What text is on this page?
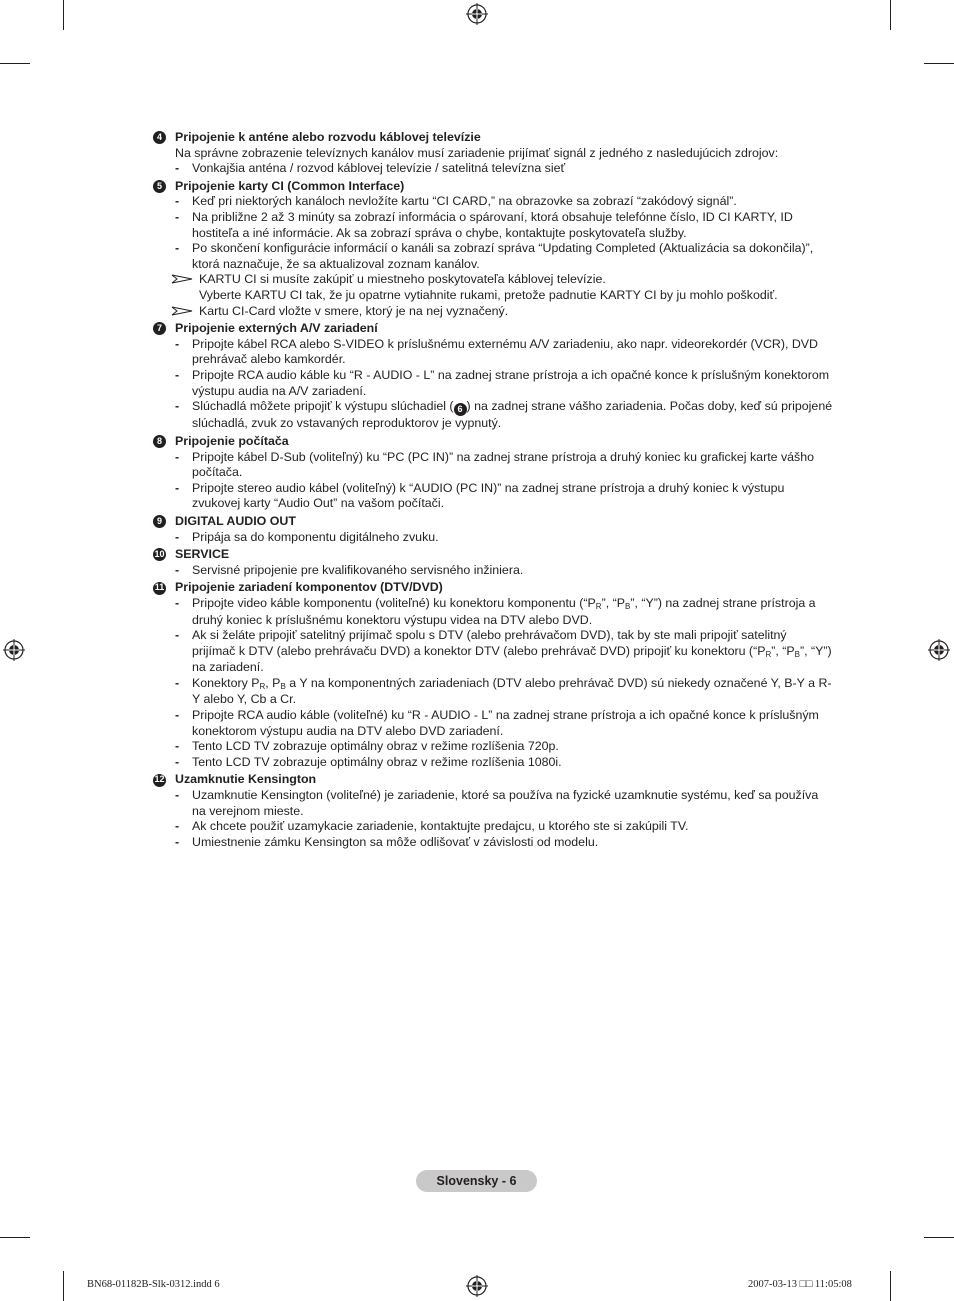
4	Pripojenie k anténe alebo rozvodu káblovej televízie
Na správne zobrazenie televíznych kanálov musí zariadenie prijímať signál z jedného z nasledujúcich zdrojov:
- Vonkajšia anténa / rozvod káblovej televízie / satelitná televízna sieť
5	Pripojenie karty CI (Common Interface)
- Keď pri niektorých kanáloch nevložíte kartu “CI CARD,” na obrazovke sa zobrazí “zakódový signál”.
- Na približne 2 až 3 minúty sa zobrazí informácia o spárovaní, ktorá obsahuje telefónne číslo, ID CI KARTY, ID hostiteľa a iné informácie. Ak sa zobrazí správa o chybe, kontaktujte poskytovateľa služby.
- Po skončení konfigurácie informácií o kanáli sa zobrazí správa “Updating Completed (Aktualizácia sa dokončila)”, ktorá naznačuje, že sa aktualizoval zoznam kanálov.
KARTU CI si musíte zakúpiť u miestneho poskytovateľa káblovej televízie.
Vyberte KARTU CI tak, že ju opatrne vytiahnite rukami, pretože padnutie KARTY CI by ju mohlo poškodiť.
Kartu CI-Card vložte v smere, ktorý je na nej vyznačený.
7	Pripojenie externých A/V zariadení
- Pripojte kábel RCA alebo S-VIDEO k príslušnému externému A/V zariadeniu, ako napr. videorekordér (VCR), DVD prehrávač alebo kamkordér.
- Pripojte RCA audio káble ku “R - AUDIO - L” na zadnej strane prístroja a ich opačné konce k príslušným konektorom výstupu audia na A/V zariadení.
- Slúchadlá môžete pripojiť k výstupu slúchadiel ( 6 ) na zadnej strane vášho zariadenia. Počas doby, keď sú pripojené slúchadlá, zvuk zo vstavaných reproduktorov je vypnutý.
8	Pripojenie počítača
- Pripojte kábel D-Sub (voliteľný) ku “PC (PC IN)” na zadnej strane prístroja a druhý koniec ku grafickej karte vášho počítača.
- Pripojte stereo audio kábel (voliteľný) k “AUDIO (PC IN)” na zadnej strane prístroja a druhý koniec k výstupu zvukovej karty “Audio Out” na vašom počítači.
9	DIGITAL AUDIO OUT
- Pripája sa do komponentu digitálneho zvuku.
10 SERVICE
- Servisné pripojenie pre kvalifikovaného servisného inžiniera.
11 Pripojenie zariadení komponentov (DTV/DVD)
- Pripojte video káble komponentu (voliteľné) ku konektoru komponentu (“$P_R$”, “$P_B$”, “Y”) na zadnej strane prístroja a druhý koniec k príslušnému konektoru výstupu videa na DTV alebo DVD.
- Ak si želáte pripojiť satelitný prijímač spolu s DTV (alebo prehrávačom DVD), tak by ste mali pripojiť satelitný prijímač k DTV (alebo prehrávaču DVD) a konektor DTV (alebo prehrávač DVD) pripojiť ku konektoru (“$P_R$”, “$P_B$”, “Y”) na zariadení.
- Konektory $P_R$, $P_B$ a Y na komponentných zariadeniach (DTV alebo prehrávač DVD) sú niekedy označené Y, B-Y a R-Y alebo Y, Cb a Cr.
- Pripojte RCA audio káble (voliteľné) ku “R - AUDIO - L” na zadnej strane prístroja a ich opačné konce k príslušným konektorom výstupu audia na DTV alebo DVD zariadení.
- Tento LCD TV zobrazuje optimálny obraz v režime rozlíšenia 720p.
- Tento LCD TV zobrazuje optimálny obraz v režime rozlíšenia 1080i.
12 Uzamknutie Kensington
- Uzamknutie Kensington (voliteľné) je zariadenie, ktoré sa používa na fyzické uzamknutie systému, keď sa používa na verejnom mieste.
- Ak chcete použiť uzamykacie zariadenie, kontaktujte predajcu, u ktorého ste si zakúpili TV.
- Umiestnenie zámku Kensington sa môže odlišovať v závislosti od modelu.
Slovensky - 6
BN68-01182B-Slk-0312.indd 6	2007-03-13 □□ 11:05:08
